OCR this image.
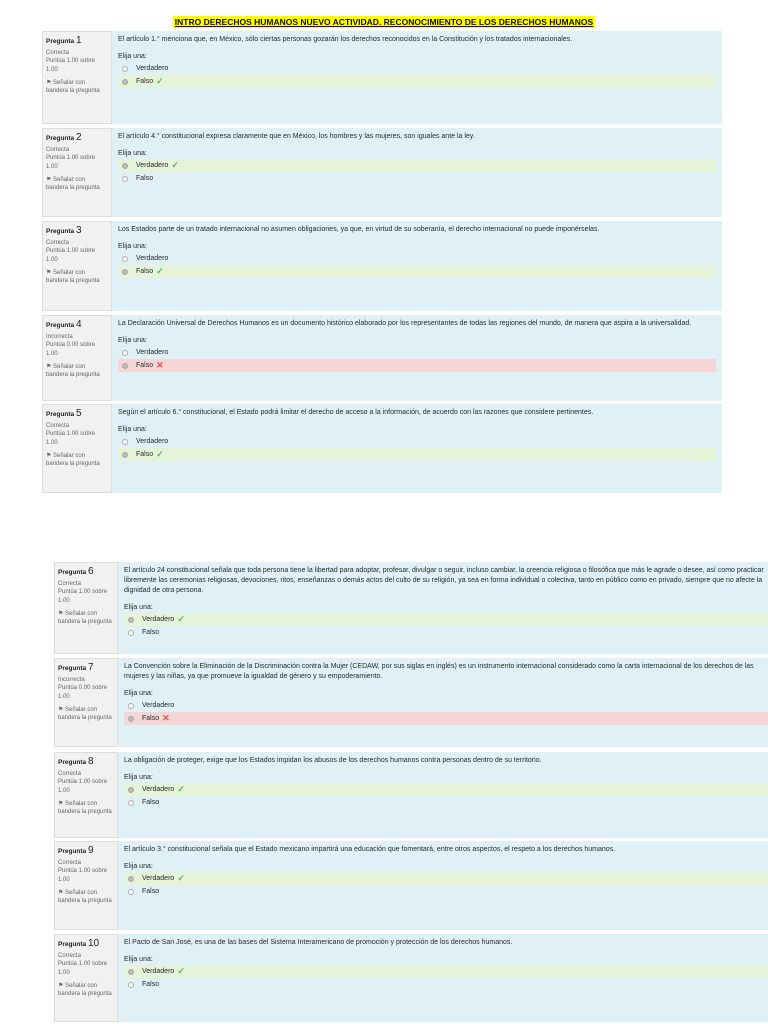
INTRO DERECHOS HUMANOS NUEVO ACTIVIDAD. RECONOCIMIENTO DE LOS DERECHOS HUMANOS
Pregunta 1
Correcta
Puntúa 1.00 sobre 1.00
⚑ Señalar con bandera la pregunta
El artículo 1.° menciona que, en México, sólo ciertas personas gozarán los derechos reconocidos en la Constitución y los tratados internacionales.
Elija una:
Verdadero
Falso ✓
Pregunta 2
Correcta
Puntúa 1.00 sobre 1.00
⚑ Señalar con bandera la pregunta
El artículo 4.° constitucional expresa claramente que en México, los hombres y las mujeres, son iguales ante la ley.
Elija una:
Verdadero ✓
Falso
Pregunta 3
Correcta
Puntúa 1.00 sobre 1.00
⚑ Señalar con bandera la pregunta
Los Estados parte de un tratado internacional no asumen obligaciones, ya que, en virtud de su soberanía, el derecho internacional no puede imponérselas.
Elija una:
Verdadero
Falso ✓
Pregunta 4
Incorrecta
Puntúa 0.00 sobre 1.00
⚑ Señalar con bandera la pregunta
La Declaración Universal de Derechos Humanos es un documento histórico elaborado por los representantes de todas las regiones del mundo, de manera que aspira a la universalidad.
Elija una:
Verdadero
Falso ✕
Pregunta 5
Correcta
Puntúa 1.00 sobre 1.00
⚑ Señalar con bandera la pregunta
Según el artículo 6.° constitucional, el Estado podrá limitar el derecho de acceso a la información, de acuerdo con las razones que considere pertinentes.
Elija una:
Verdadero
Falso ✓
Pregunta 6
Correcta
Puntúa 1.00 sobre 1.00
⚑ Señalar con bandera la pregunta
El artículo 24 constitucional señala que toda persona tiene la libertad para adoptar, profesar, divulgar o seguir, incluso cambiar, la creencia religiosa o filosófica que más le agrade o desee, así como practicar libremente las ceremonias religiosas, devociones, ritos, enseñanzas o demás actos del culto de su religión, ya sea en forma individual o colectiva, tanto en público como en privado, siempre que no afecte la dignidad de otra persona.
Elija una:
Verdadero ✓
Falso
Pregunta 7
Incorrecta
Puntúa 0.00 sobre 1.00
⚑ Señalar con bandera la pregunta
La Convención sobre la Eliminación de la Discriminación contra la Mujer (CEDAW, por sus siglas en inglés) es un instrumento internacional considerado como la carta internacional de los derechos de las mujeres y las niñas, ya que promueve la igualdad de género y su empoderamiento.
Elija una:
Verdadero
Falso ✕
Pregunta 8
Correcta
Puntúa 1.00 sobre 1.00
⚑ Señalar con bandera la pregunta
La obligación de proteger, exige que los Estados impidan los abusos de los derechos humanos contra personas dentro de su territorio.
Elija una:
Verdadero ✓
Falso
Pregunta 9
Correcta
Puntúa 1.00 sobre 1.00
⚑ Señalar con bandera la pregunta
El artículo 3.° constitucional señala que el Estado mexicano impartirá una educación que fomentará, entre otros aspectos, el respeto a los derechos humanos.
Elija una:
Verdadero ✓
Falso
Pregunta 10
Correcta
Puntúa 1.00 sobre 1.00
⚑ Señalar con bandera la pregunta
El Pacto de San José, es una de las bases del Sistema Interamericano de promoción y protección de los derechos humanos.
Elija una:
Verdadero ✓
Falso
